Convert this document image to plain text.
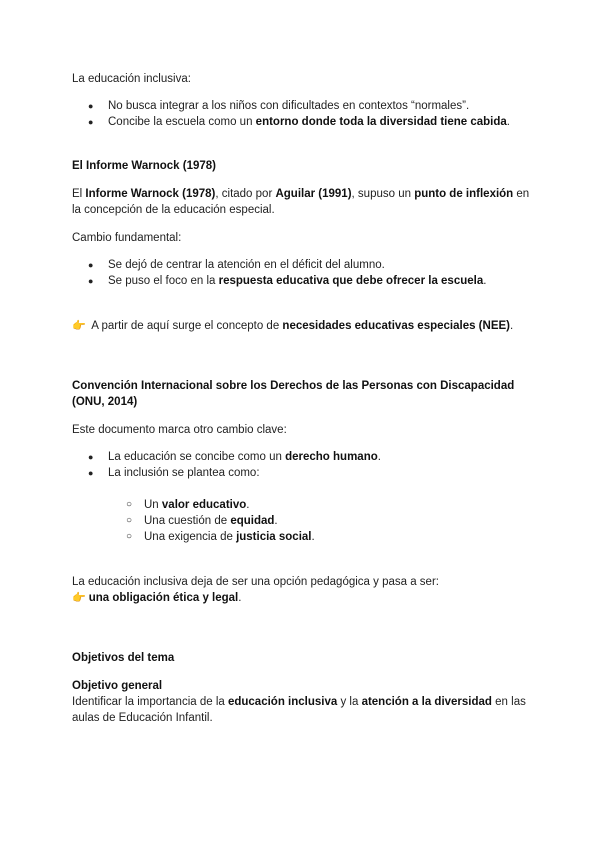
La educación inclusiva:

● No busca integrar a los niños con dificultades en contextos “normales”.
● Concibe la escuela como un entorno donde toda la diversidad tiene cabida.

El Informe Warnock (1978)

El Informe Warnock (1978), citado por Aguilar (1991), supuso un punto de inflexión en la concepción de la educación especial.

Cambio fundamental:

● Se dejó de centrar la atención en el déficit del alumno.
● Se puso el foco en la respuesta educativa que debe ofrecer la escuela.

👉 A partir de aquí surge el concepto de necesidades educativas especiales (NEE).

Convención Internacional sobre los Derechos de las Personas con Discapacidad (ONU, 2014)

Este documento marca otro cambio clave:

● La educación se concibe como un derecho humano.
● La inclusión se plantea como:
○ Un valor educativo.
○ Una cuestión de equidad.
○ Una exigencia de justicia social.

La educación inclusiva deja de ser una opción pedagógica y pasa a ser:

👉 una obligación ética y legal.

Objetivos del tema

Objetivo general

Identificar la importancia de la educación inclusiva y la atención a la diversidad en las aulas de Educación Infantil.
